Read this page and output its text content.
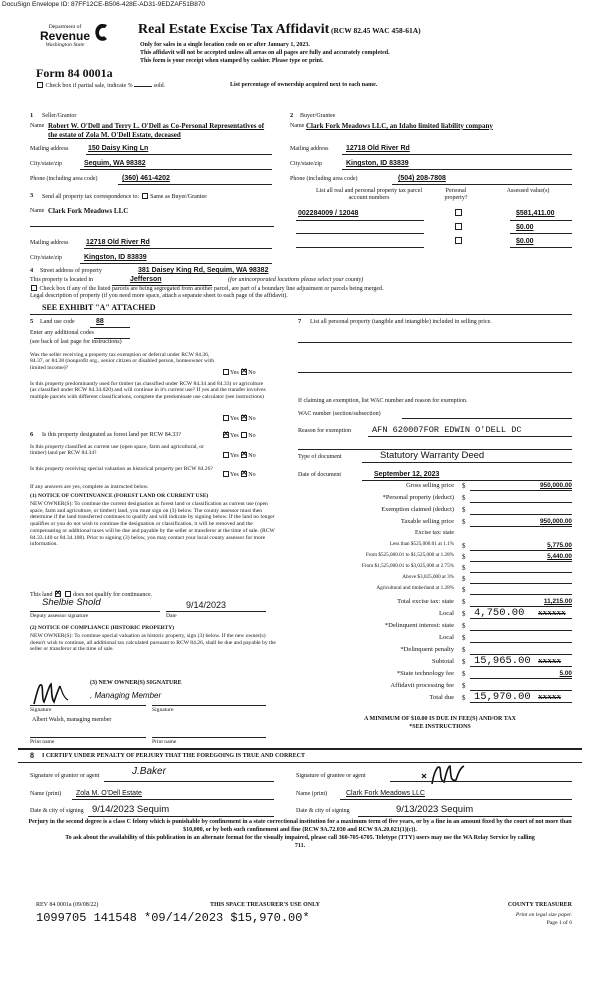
DocuSign Envelope ID: 87FF12CE-B506-428E-AD31-9EDZAF51B870
Department of
Revenue
Washington State
Form 84 0001a
Check box if partial sale, indicate %	sold.
Real Estate Excise Tax Affidavit (RCW 82.45 WAC 458-61A)
Only for sales in a single location code on or after January 1, 2023.
This affidavit will not be accepted unless all areas on all pages are fully and accurately completed.
This form is your receipt when stamped by cashier. Please type or print.
List percentage of ownership acquired next to each name.
1 Seller/Grantor
Name Robert W. O'Dell and Terry L. O'Dell as Co-Personal Representatives of the estate of Zola M. O'Dell Estate, deceased
Mailing address	150 Daisy King Ln
City/state/zip	Sequim, WA 98382
Phone (including area code)	(360) 461-4202
2 Buyer/Grantee
Name Clark Fork Meadows LLC, an Idaho limited liability company
Mailing address	12718 Old River Rd
City/state/zip	Kingston, ID 83839
Phone (including area code)	(504) 208-7808
3 Send all property tax correspondence to: Same as Buyer/Grantee
Name Clark Fork Meadows LLC
Mailing address	12718 Old River Rd
City/state/zip	Kingston, ID 83839
List all real and personal property tax parcel account numbers
Personal property?
Assessed value(s)
002284009 / 12048	$581,411.00
$0.00
$0.00
4 Street address of property	381 Daisey King Rd, Sequim, WA 98382
This property is located in	Jefferson	(for unincorporated locations please select your county)
Check box if any of the listed parcels are being segregated from another parcel, are part of a boundary line adjustment or parcels being merged.
Legal description of property (if you need more space, attach a separate sheet to each page of the affidavit).
SEE EXHIBIT "A" ATTACHED
5 Land use code	88
Enter any additional codes
(see back of last page for instructions)
Was the seller receiving a property tax exemption or deferral under RCW 84.36, 84.37, or 84.38 (nonprofit org., senior citizen or disabled person, homeowner with limited income)?
Yes ✕ No
Is this property predominantly used for timber (as classified under RCW 84.34 and 84.33) or agriculture (as classified under RCW 84.34.020) and will continue in it's current use? If yes and the transfer involves multiple parcels with different classifications, complete the predominate use calculator (see instructions)
Yes ✕ No
6 Is this property designated as forest land per RCW 84.33? ✕	Yes No
Is this property classified as current use (open space, farm and agricultural, or timber) land per RCW 84.34?	Yes ✕ No
Is this property receiving special valuation as historical property per RCW 84.26?
Yes ✕ No
If any answers are yes, complete as instructed below.
(1) NOTICE OF CONTINUANCE (FOREST LAND OR CURRENT USE)
NEW OWNER(S): To continue the current designation as forest land or classification as current use (open space, farm and agriculture, or timber) land, you must sign on (3) below. The county assessor must then determine if the land transferred continues to qualify and will indicate by signing below. If the land no longer qualifies or you do not wish to continue the designation or classification, it will be removed and the compensating or additional taxes will be due and payable by the seller or transferor at the time of sale. (RCW 84.33.140 or 84.34.108). Prior to signing (3) below, you may contact your local county assessor for more information.
This land ✕	does not qualify for continuance.
Shelbie Shold	9/14/2023
Deputy assessor signature	Date
(2) NOTICE OF COMPLIANCE (HISTORIC PROPERTY)
NEW OWNER(S): To continue special valuation as historic property, sign (3) below. If the new owner(s) doesn't wish to continue, all additional tax calculated pursuant to RCW 84.26, shall be due and payable by the seller or transferor at the time of sale.
(3) NEW OWNER(S) SIGNATURE
, Managing Member
Signature	Signature
Albert Walsh, managing member
Print name	Print name
7 List all personal property (tangible and intangible) included in selling price.
If claiming an exemption, list WAC number and reason for exemption.
WAC number (section/subsection)
Reason for exemption AFN 620007FOR EDWIN O'DELL DC
Type of document	Statutory Warranty Deed
Date of document	September 12, 2023
A MINIMUM OF $10.00 IS DUE IN FEE(S) AND/OR TAX
*SEE INSTRUCTIONS
8 I CERTIFY UNDER PENALTY OF PERJURY THAT THE FOREGOING IS TRUE AND CORRECT
Signature of grantor or agent	J.Baker	Signature of grantee or agent
Name (print) Zola M. O'Dell Estate	Name (print)	Clark Fork Meadows LLC
Date & city of signing 9/14/2023 Sequim	Date & city of signing	9/13/2023 Sequim
Perjury in the second degree is a class C felony which is punishable by confinement in a state correctional institution for a maximum term of five years, or by a fine in an amount fixed by the court of not more than $10,000, or by both such confinement and fine (RCW 9A.72.030 and RCW 9A.20.021(1)(c)).
To ask about the availability of this publication in an alternate format for the visually impaired, please call 360-705-6705. Teletype (TTY) users may use the WA Relay Service by calling 711.
REV 84 0001a (09/08/22)	THIS SPACE TREASURER'S USE ONLY
1099705 141548 *09/14/2023 $15,970.00*
COUNTY TREASURER
Print on legal size paper.
Page 1 of 6
Gross selling price $	950,000.00
*Personal property (deduct) $
Exemption claimed (deduct) $
Taxable selling price $	950,000.00
Excise tax: state
Less than $525,000.01 at 1.1% $	5,775.00
From $525,000.01 to $1,525,000 at 1.28% $	5,440.00
From $1,525,000.01 to $3,025,000 at 2.75% $
Above $3,025,000 at 3% $
Agricultural and timberland at 1.28% $
Total excise tax: state $	11,215.00
Local $ 4,750.00 XXXXXX
*Delinquent interest: state $
Local $
*Delinquent penalty $
Subtotal $ 15,965.00 XXXXX
*State technology fee $	5.00
Affidavit processing fee $
Total due $ 15,970.00 XXXXX
